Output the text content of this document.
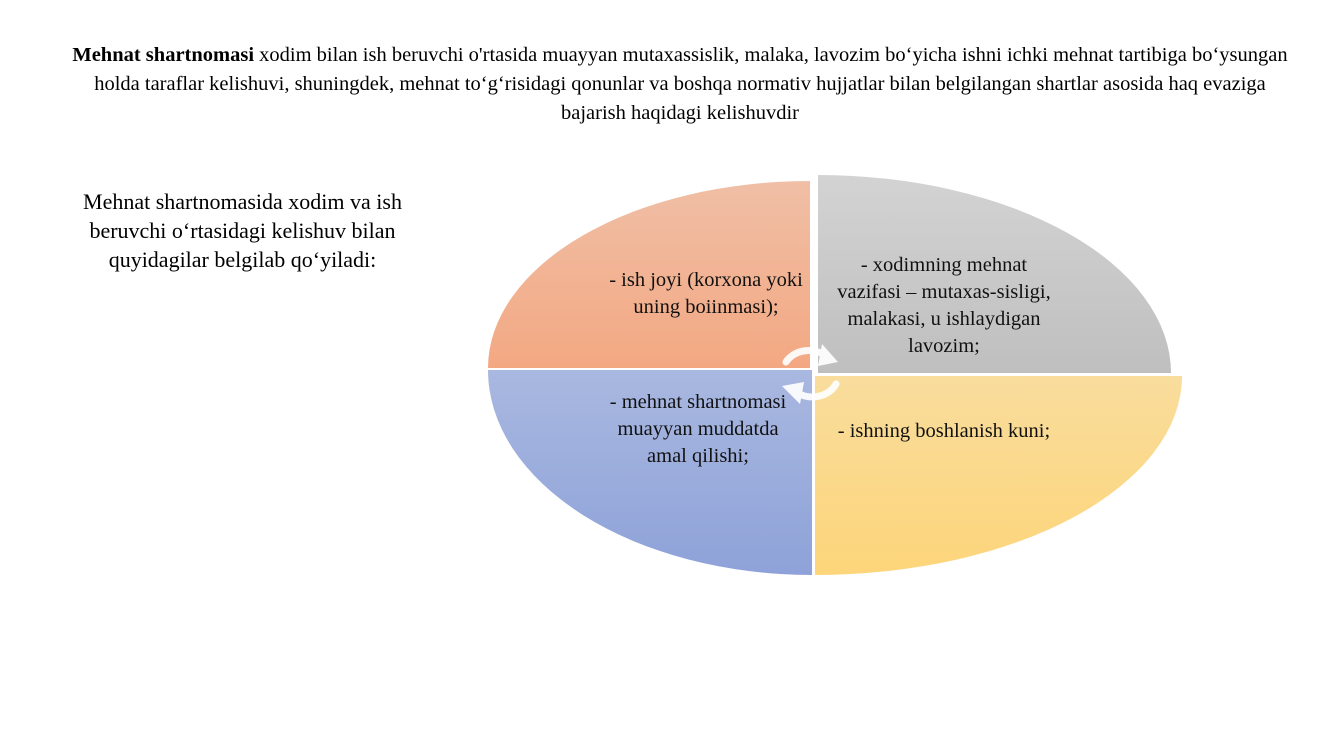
Mehnat shartnomasi xodim bilan ish beruvchi o'rtasida muayyan mutaxassislik, malaka, lavozim bo‘yicha ishni ichki mehnat tartibiga bo‘ysungan holda taraflar kelishuvi, shuningdek, mehnat to‘g‘risidagi qonunlar va boshqa normativ hujjatlar bilan belgilangan shartlar asosida haq evaziga bajarish haqidagi kelishuvdir
Mehnat shartnomasida xodim va ish beruvchi o‘rtasidagi kelishuv bilan quyidagilar belgilab qo‘yiladi:
- ish joyi (korxona yoki uning boiinmasi);
- xodimning mehnat vazifasi – mutaxas-sisligi, malakasi, u ishlaydigan lavozim;
- ishning boshlanish kuni;
- mehnat shartnomasi muayyan muddatda amal qilishi;
